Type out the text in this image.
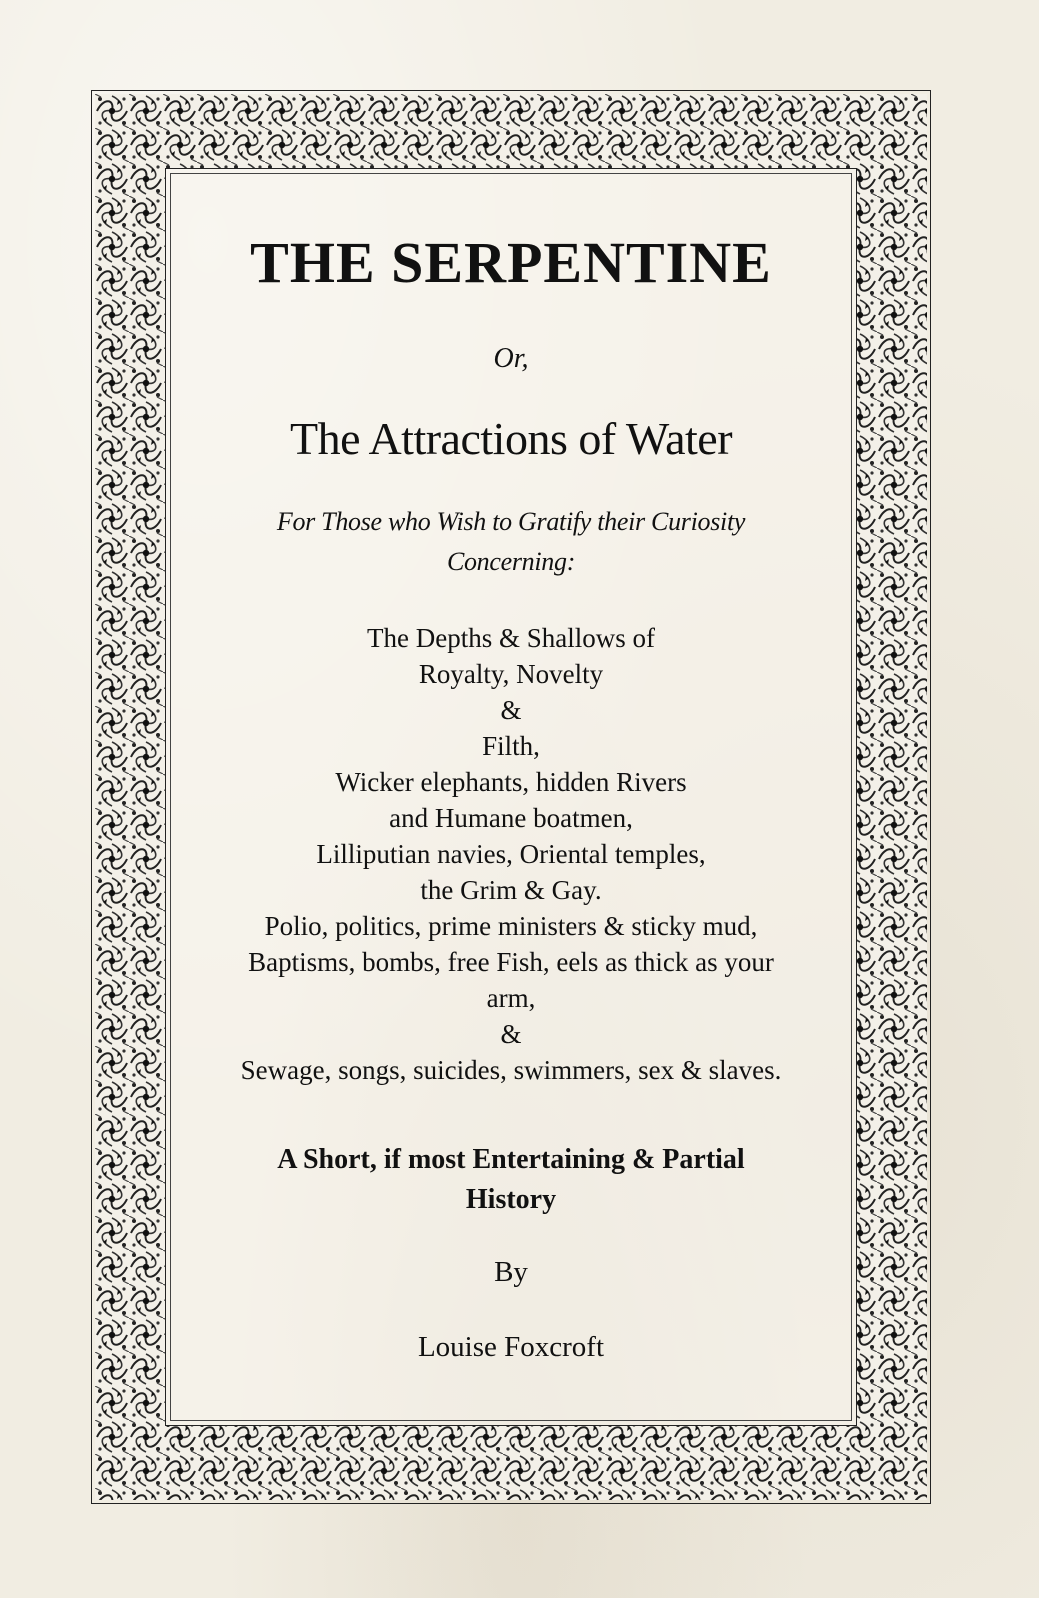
THE SERPENTINE
Or,
The Attractions of Water
For Those who Wish to Gratify their Curiosity
Concerning:
The Depths & Shallows of
Royalty, Novelty
&
Filth,
Wicker elephants, hidden Rivers
and Humane boatmen,
Lilliputian navies, Oriental temples,
the Grim & Gay.
Polio, politics, prime ministers & sticky mud,
Baptisms, bombs, free Fish, eels as thick as your
arm,
&
Sewage, songs, suicides, swimmers, sex & slaves.
A Short, if most Entertaining & Partial
History
By
Louise Foxcroft
